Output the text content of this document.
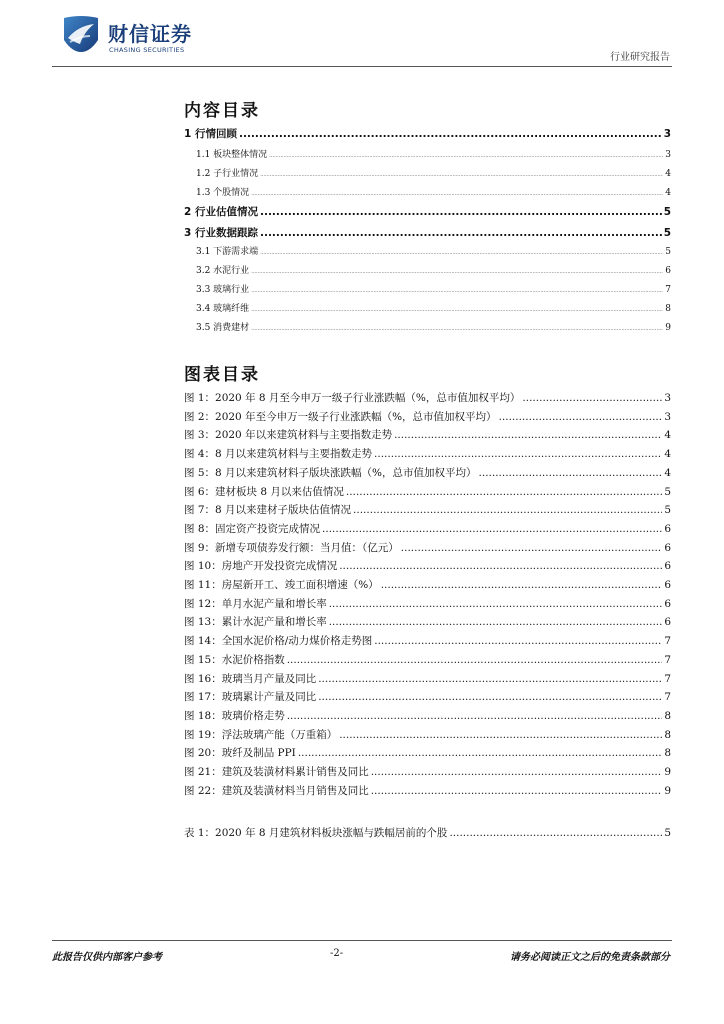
财信证券
CHASING SECURITIES
行业研究报告
内容目录
1 行情回顾 .....	3
1.1 板块整体情况 .....	3
1.2 子行业情况 .....	4
1.3 个股情况 .....	4
2 行业估值情况 .....	5
3 行业数据跟踪 .....	5
3.1 下游需求端 .....	5
3.2 水泥行业 .....	6
3.3 玻璃行业 .....	7
3.4 玻璃纤维 .....	8
3.5 消费建材 .....	9
图表目录
图 1：2020 年 8 月至今申万一级子行业涨跌幅（%，总市值加权平均） .....	3
图 2：2020 年至今申万一级子行业涨跌幅（%，总市值加权平均） .....	3
图 3：2020 年以来建筑材料与主要指数走势 .....	4
图 4：8 月以来建筑材料与主要指数走势 .....	4
图 5：8 月以来建筑材料子版块涨跌幅（%，总市值加权平均） .....	4
图 6：建材板块 8 月以来估值情况 .....	5
图 7：8 月以来建材子版块估值情况 .....	5
图 8：固定资产投资完成情况 .....	6
图 9：新增专项债券发行额：当月值：（亿元） .....	6
图 10：房地产开发投资完成情况 .....	6
图 11：房屋新开工、竣工面积增速（%） .....	6
图 12：单月水泥产量和增长率 .....	6
图 13：累计水泥产量和增长率 .....	6
图 14：全国水泥价格/动力煤价格走势图 .....	7
图 15：水泥价格指数 .....	7
图 16：玻璃当月产量及同比 .....	7
图 17：玻璃累计产量及同比 .....	7
图 18：玻璃价格走势 .....	8
图 19：浮法玻璃产能（万重箱） .....	8
图 20：玻纤及制品 PPI .....	8
图 21：建筑及装潢材料累计销售及同比 .....	9
图 22：建筑及装潢材料当月销售及同比 .....	9
表 1：2020 年 8 月建筑材料板块涨幅与跌幅居前的个股 .....	5
此报告仅供内部客户参考	-2-	请务必阅读正文之后的免责条款部分
